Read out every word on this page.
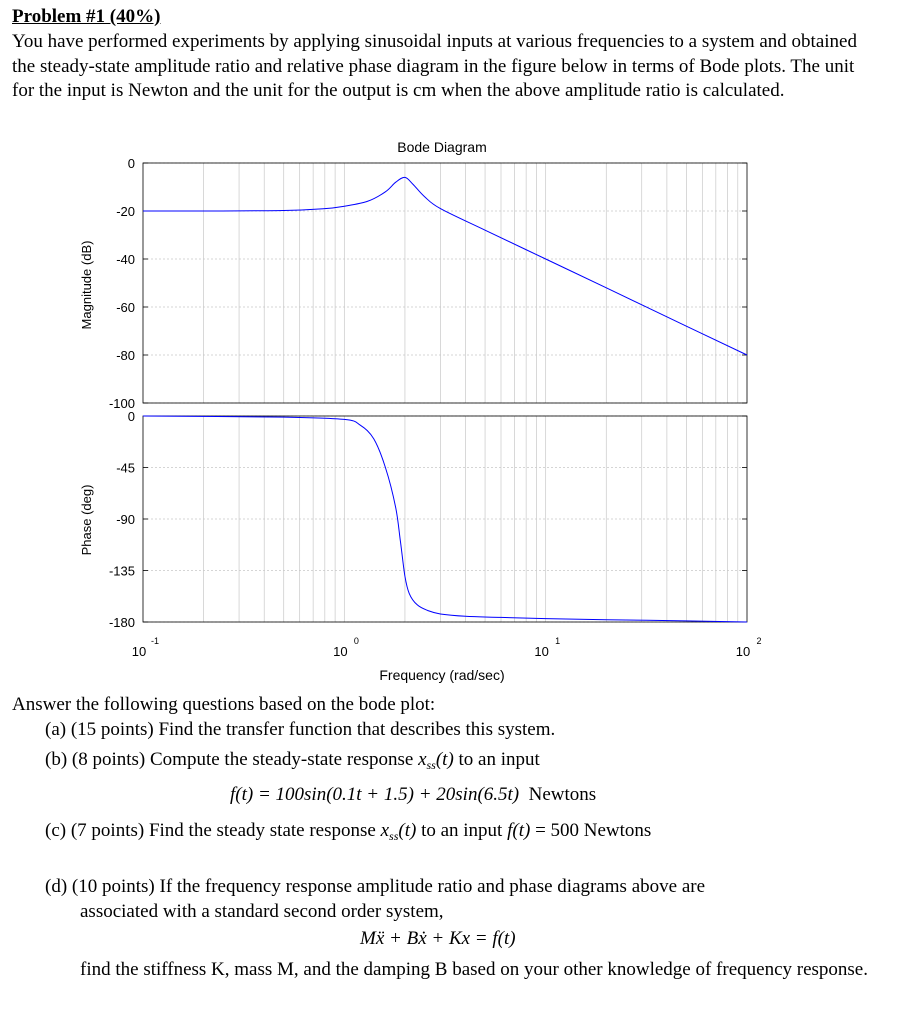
Problem #1 (40%)

You have performed experiments by applying sinusoidal inputs at various frequencies to a system and obtained the steady-state amplitude ratio and relative phase diagram in the figure below in terms of Bode plots. The unit for the input is Newton and the unit for the output is cm when the above amplitude ratio is calculated.

0
-20
-40
-60
-80
-100
0
-45
-90
-135
-180
10
-1
10
0
10
1
10
2
Bode Diagram
Magnitude (dB)
Phase (deg)
Frequency (rad/sec)
Answer the following questions based on the bode plot:
(a) (15 points) Find the transfer function that describes this system.
(b) (8 points) Compute the steady-state response $x_{ss}(t)$ to an input
f(t) = 100sin(0.1t + 1.5) + 20sin(6.5t) Newtons
(c) (7 points) Find the steady state response $x_{ss}(t)$ to an input f(t) = 500 Newtons
(d) (10 points) If the frequency response amplitude ratio and phase diagrams above are
associated with a standard second order system,
Mẍ + Bẋ + Kx = f(t)
find the stiffness K, mass M, and the damping B based on your other knowledge of frequency response.
